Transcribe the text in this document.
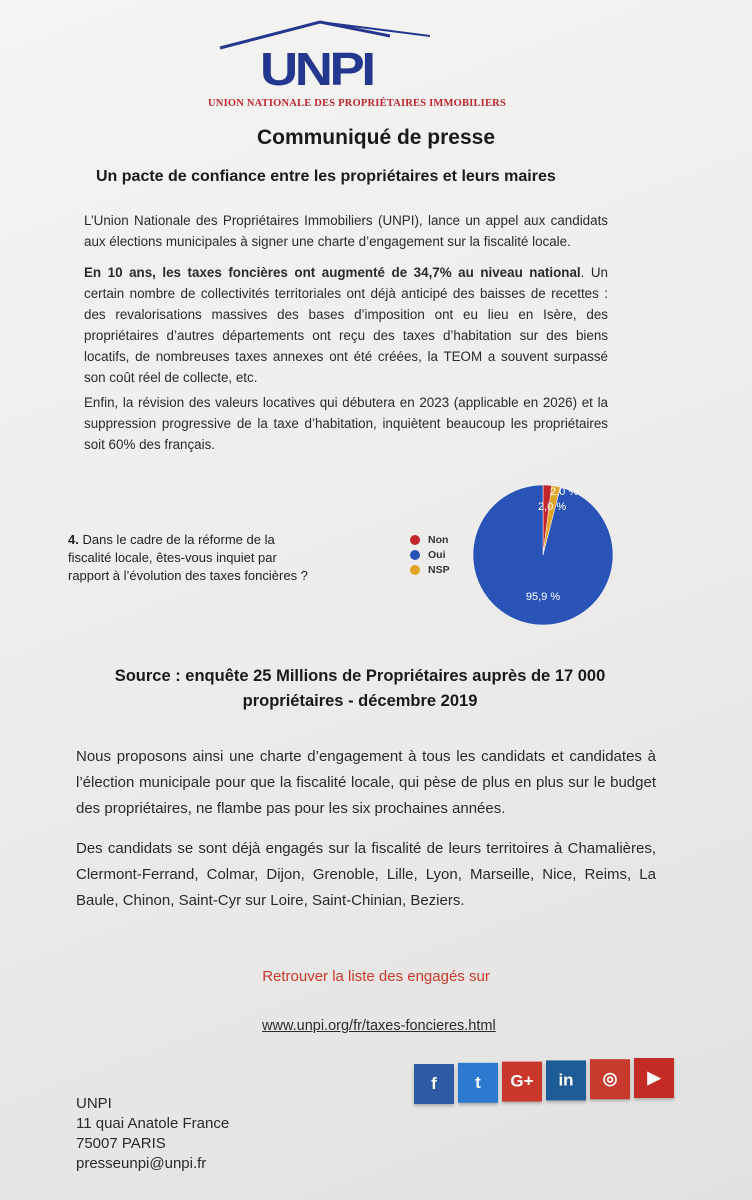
UNPI
UNION NATIONALE DES PROPRIÉTAIRES IMMOBILIERS
Communiqué de presse
Un pacte de confiance entre les propriétaires et leurs maires
L’Union Nationale des Propriétaires Immobiliers (UNPI), lance un appel aux candidats aux élections municipales à signer une charte d’engagement sur la fiscalité locale.
En 10 ans, les taxes foncières ont augmenté de 34,7% au niveau national. Un certain nombre de collectivités territoriales ont déjà anticipé des baisses de recettes : des revalorisations massives des bases d’imposition ont eu lieu en Isère, des propriétaires d’autres départements ont reçu des taxes d’habitation sur des biens locatifs, de nombreuses taxes annexes ont été créées, la TEOM a souvent surpassé son coût réel de collecte, etc.
Enfin, la révision des valeurs locatives qui débutera en 2023 (applicable en 2026) et la suppression progressive de la taxe d’habitation, inquiètent beaucoup les propriétaires soit 60% des français.
4. Dans le cadre de la réforme de la fiscalité locale, êtes-vous inquiet par rapport à l’évolution des taxes foncières ?
Non
Oui
NSP
2,0 %
95,9 %
2,0 %
Source : enquête 25 Millions de Propriétaires auprès de 17 000 propriétaires - décembre 2019
Nous proposons ainsi une charte d’engagement à tous les candidats et candidates à l’élection municipale pour que la fiscalité locale, qui pèse de plus en plus sur le budget des propriétaires, ne flambe pas pour les six prochaines années.
Des candidats se sont déjà engagés sur la fiscalité de leurs territoires à Chamalières, Clermont-Ferrand, Colmar, Dijon, Grenoble, Lille, Lyon, Marseille, Nice, Reims, La Baule, Chinon, Saint-Cyr sur Loire, Saint-Chinian, Beziers.
Retrouver la liste des engagés sur
www.unpi.org/fr/taxes-foncieres.html
UNPI
11 quai Anatole France
75007 PARIS
presseunpi@unpi.fr
f	t	G+	in	◎	▶
